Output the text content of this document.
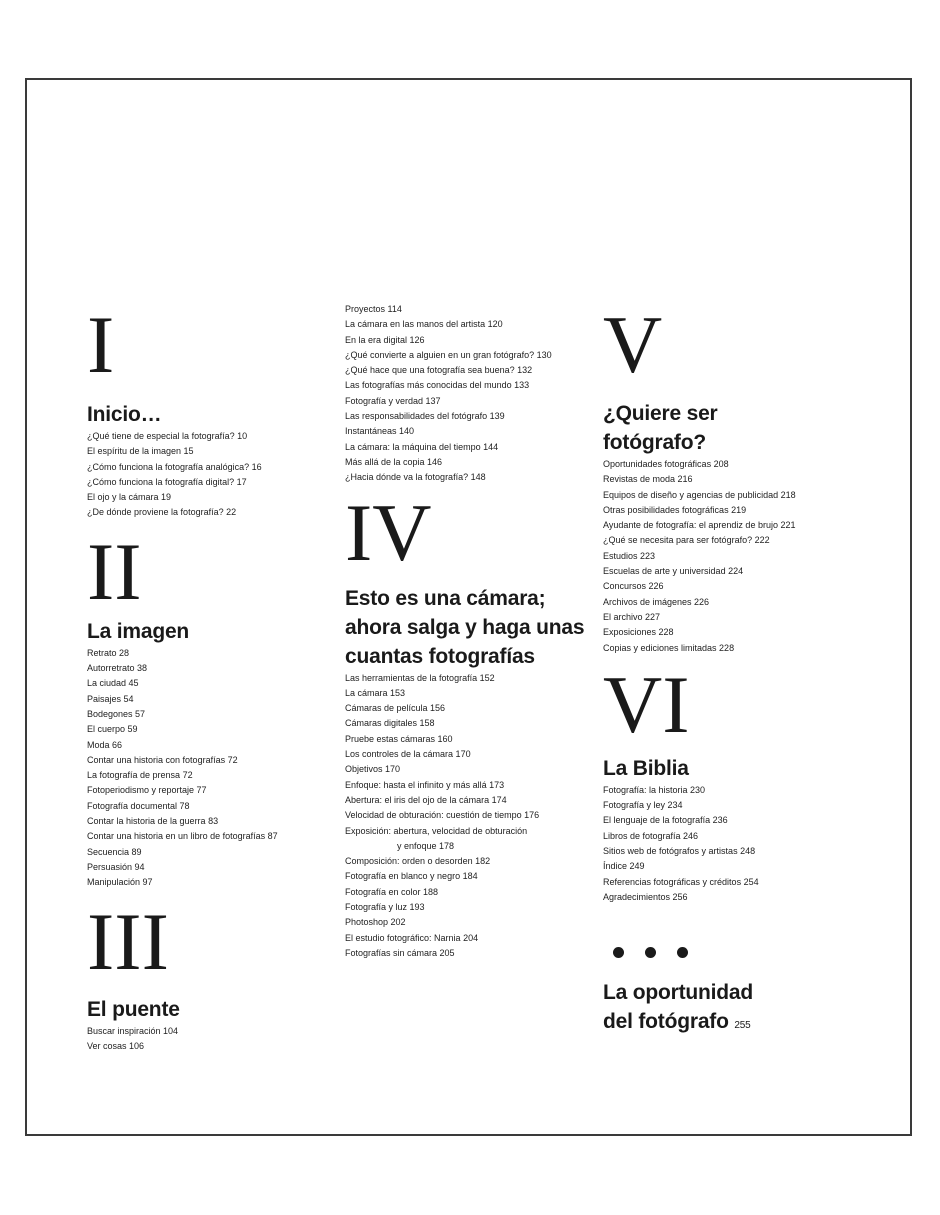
I
Inicio…
¿Qué tiene de especial la fotografía? 10
El espíritu de la imagen 15
¿Cómo funciona la fotografía analógica? 16
¿Cómo funciona la fotografía digital? 17
El ojo y la cámara 19
¿De dónde proviene la fotografía? 22
II
La imagen
Retrato 28
Autorretrato 38
La ciudad 45
Paisajes 54
Bodegones 57
El cuerpo 59
Moda 66
Contar una historia con fotografías 72
La fotografía de prensa 72
Fotoperiodismo y reportaje 77
Fotografía documental 78
Contar la historia de la guerra 83
Contar una historia en un libro de fotografías 87
Secuencia 89
Persuasión 94
Manipulación 97
III
El puente
Buscar inspiración 104
Ver cosas 106
Proyectos 114
La cámara en las manos del artista 120
En la era digital 126
¿Qué convierte a alguien en un gran fotógrafo? 130
¿Qué hace que una fotografía sea buena? 132
Las fotografías más conocidas del mundo 133
Fotografía y verdad 137
Las responsabilidades del fotógrafo 139
Instantáneas 140
La cámara: la máquina del tiempo 144
Más allá de la copia 146
¿Hacia dónde va la fotografía? 148
IV
Esto es una cámara;
ahora salga y haga unas
cuantas fotografías
Las herramientas de la fotografía 152
La cámara 153
Cámaras de película 156
Cámaras digitales 158
Pruebe estas cámaras 160
Los controles de la cámara 170
Objetivos 170
Enfoque: hasta el infinito y más allá 173
Abertura: el iris del ojo de la cámara 174
Velocidad de obturación: cuestión de tiempo 176
Exposición: abertura, velocidad de obturación
y enfoque 178
Composición: orden o desorden 182
Fotografía en blanco y negro 184
Fotografía en color 188
Fotografía y luz 193
Photoshop 202
El estudio fotográfico: Narnia 204
Fotografías sin cámara 205
V
¿Quiere ser
fotógrafo?
Oportunidades fotográficas 208
Revistas de moda 216
Equipos de diseño y agencias de publicidad 218
Otras posibilidades fotográficas 219
Ayudante de fotografía: el aprendiz de brujo 221
¿Qué se necesita para ser fotógrafo? 222
Estudios 223
Escuelas de arte y universidad 224
Concursos 226
Archivos de imágenes 226
El archivo 227
Exposiciones 228
Copias y ediciones limitadas 228
VI
La Biblia
Fotografía: la historia 230
Fotografía y ley 234
El lenguaje de la fotografía 236
Libros de fotografía 246
Sitios web de fotógrafos y artistas 248
Índice 249
Referencias fotográficas y créditos 254
Agradecimientos 256
La oportunidad
del fotógrafo 255
